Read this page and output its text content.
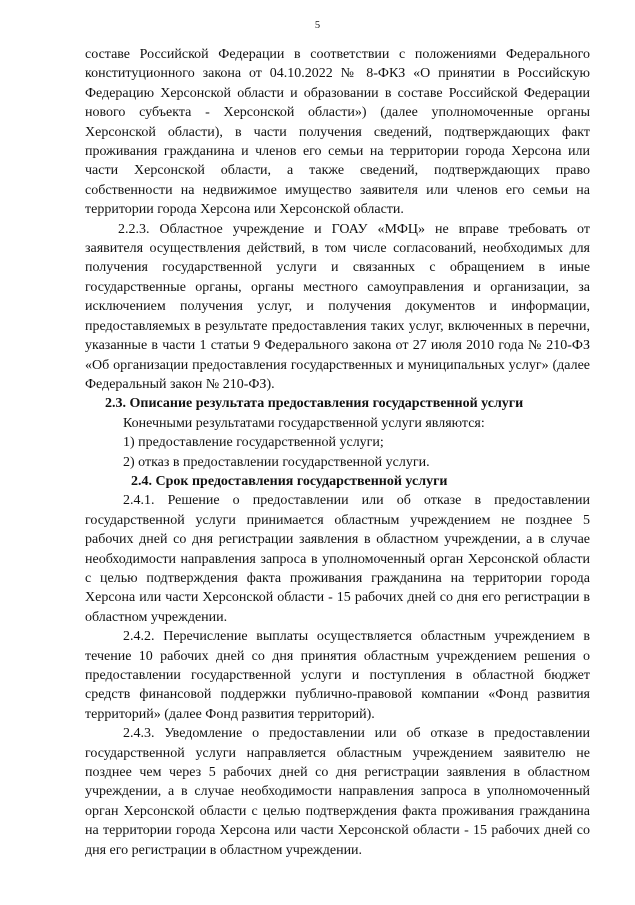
5

составе Российской Федерации в соответствии с положениями Федерального конституционного закона от 04.10.2022 № 8-ФКЗ «О принятии в Российскую Федерацию Херсонской области и образовании в составе Российской Федерации нового субъекта - Херсонской области») (далее уполномоченные органы Херсонской области), в части получения сведений, подтверждающих факт проживания гражданина и членов его семьи на территории города Херсона или части Херсонской области, а также сведений, подтверждающих право собственности на недвижимое имущество заявителя или членов его семьи на территории города Херсона или Херсонской области.

2.2.3. Областное учреждение и ГОАУ «МФЦ» не вправе требовать от заявителя осуществления действий, в том числе согласований, необходимых для получения государственной услуги и связанных с обращением в иные государственные органы, органы местного самоуправления и организации, за исключением получения услуг, и получения документов и информации, предоставляемых в результате предоставления таких услуг, включенных в перечни, указанные в части 1 статьи 9 Федерального закона от 27 июля 2010 года № 210-ФЗ «Об организации предоставления государственных и муниципальных услуг» (далее Федеральный закон № 210-ФЗ).

2.3. Описание результата предоставления государственной услуги

Конечными результатами государственной услуги являются:

1) предоставление государственной услуги;

2) отказ в предоставлении государственной услуги.

2.4. Срок предоставления государственной услуги

2.4.1. Решение о предоставлении или об отказе в предоставлении государственной услуги принимается областным учреждением не позднее 5 рабочих дней со дня регистрации заявления в областном учреждении, а в случае необходимости направления запроса в уполномоченный орган Херсонской области с целью подтверждения факта проживания гражданина на территории города Херсона или части Херсонской области - 15 рабочих дней со дня его регистрации в областном учреждении.

2.4.2. Перечисление выплаты осуществляется областным учреждением в течение 10 рабочих дней со дня принятия областным учреждением решения о предоставлении государственной услуги и поступления в областной бюджет средств финансовой поддержки публично-правовой компании «Фонд развития территорий» (далее Фонд развития территорий).

2.4.3. Уведомление о предоставлении или об отказе в предоставлении государственной услуги направляется областным учреждением заявителю не позднее чем через 5 рабочих дней со дня регистрации заявления в областном учреждении, а в случае необходимости направления запроса в уполномоченный орган Херсонской области с целью подтверждения факта проживания гражданина на территории города Херсона или части Херсонской области - 15 рабочих дней со дня его регистрации в областном учреждении.
